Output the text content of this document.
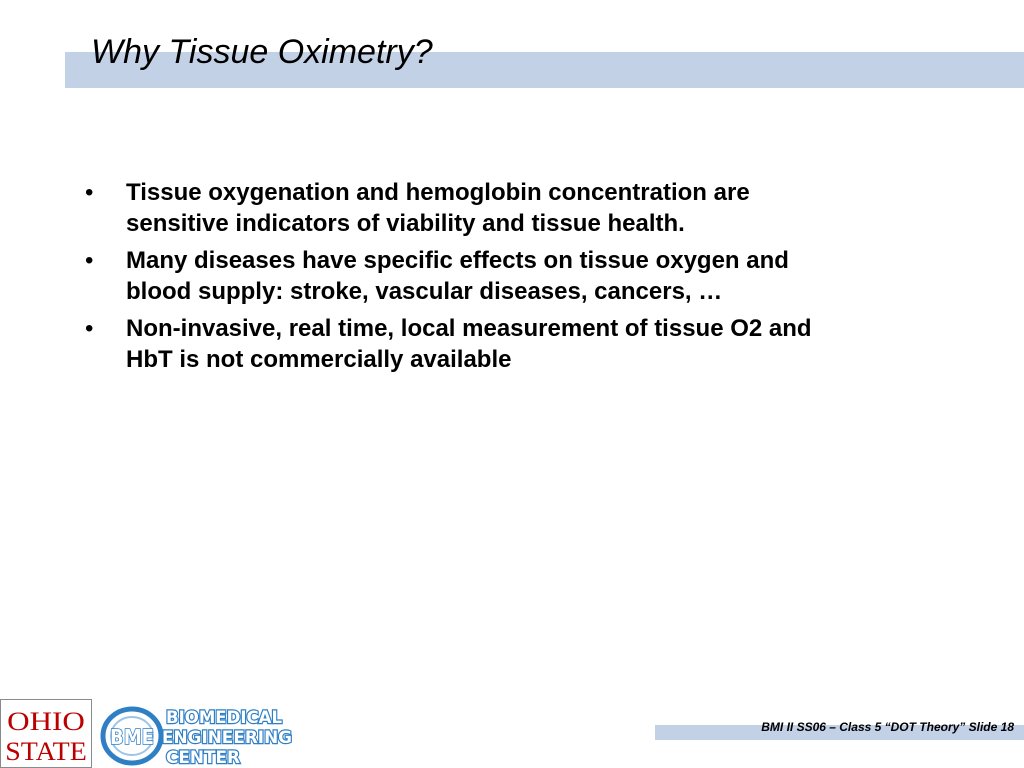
Why Tissue Oximetry?
• Tissue oxygenation and hemoglobin concentration are sensitive indicators of viability and tissue health.
• Many diseases have specific effects on tissue oxygen and blood supply: stroke, vascular diseases, cancers, …
• Non-invasive, real time, local measurement of tissue O2 and HbT is not commercially available
OHIO
STATE
BME
BIOMEDICAL
ENGINEERING
CENTER
BMI II SS06 – Class 5 “DOT Theory” Slide 18
